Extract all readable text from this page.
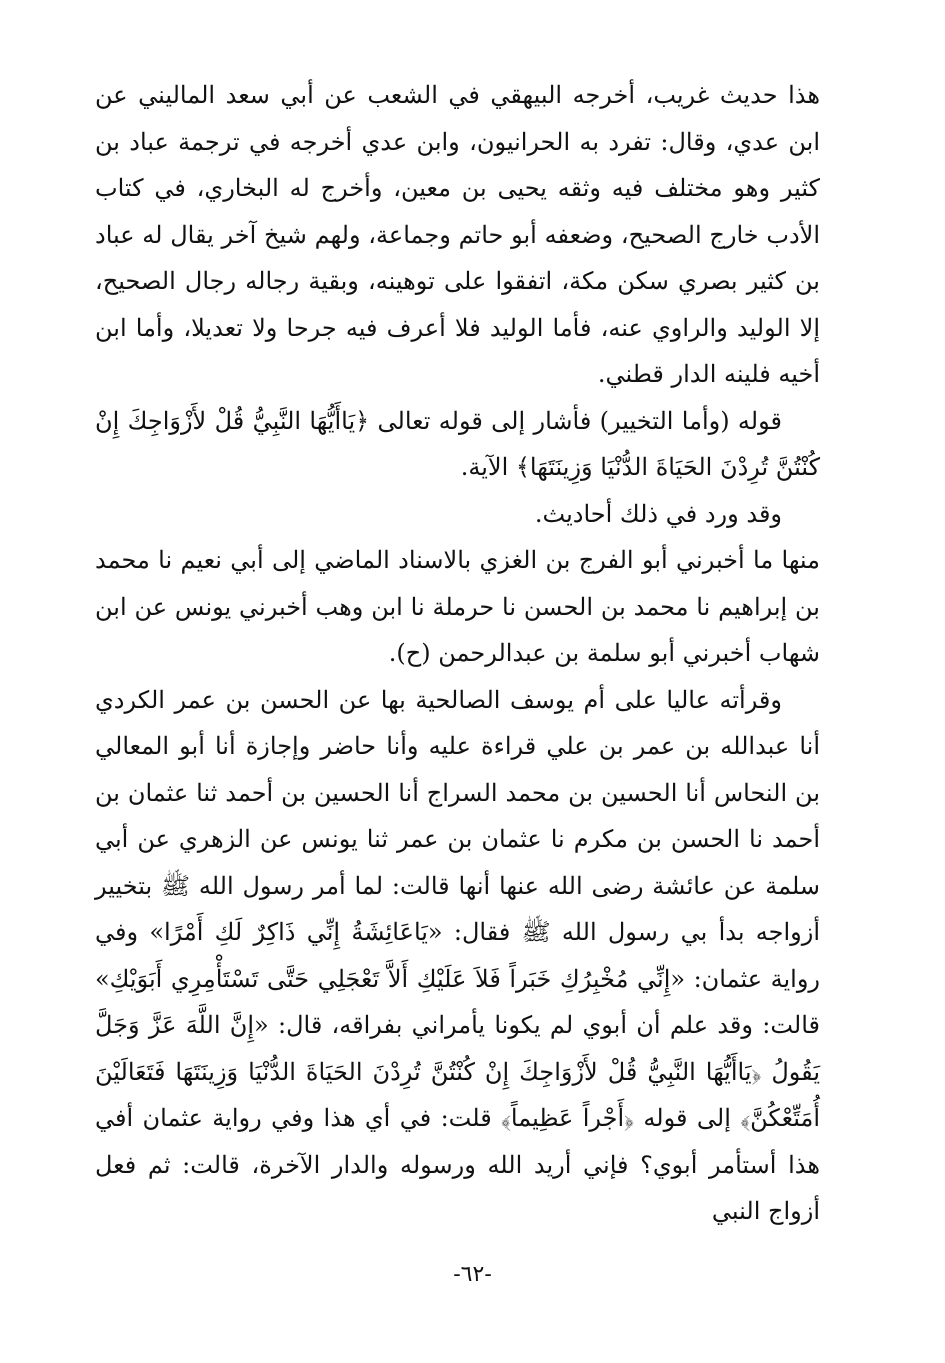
هذا حديث غريب، أخرجه البيهقي في الشعب عن أبي سعد الماليني عن ابن عدي، وقال: تفرد به الحرانيون، وابن عدي أخرجه في ترجمة عباد بن كثير وهو مختلف فيه وثقه يحيى بن معين، وأخرج له البخاري، في كتاب الأدب خارج الصحيح، وضعفه أبو حاتم وجماعة، ولهم شيخ آخر يقال له عباد بن كثير بصري سكن مكة، اتفقوا على توهينه، وبقية رجاله رجال الصحيح، إلا الوليد والراوي عنه، فأما الوليد فلا أعرف فيه جرحا ولا تعديلا، وأما ابن أخيه فلينه الدار قطني.

قوله (وأما التخيير) فأشار إلى قوله تعالى ﴿يَاأَيُّهَا النَّبِيُّ قُلْ لأَزْوَاجِكَ إِنْ كُنْتُنَّ تُرِدْنَ الحَيَاةَ الدُّنْيَا وَزِينَتَهَا﴾ الآية.

وقد ورد في ذلك أحاديث.

منها ما أخبرني أبو الفرج بن الغزي بالاسناد الماضي إلى أبي نعيم نا محمد بن إبراهيم نا محمد بن الحسن نا حرملة نا ابن وهب أخبرني يونس عن ابن شهاب أخبرني أبو سلمة بن عبدالرحمن (ح).

وقرأته عاليا على أم يوسف الصالحية بها عن الحسن بن عمر الكردي أنا عبدالله بن عمر بن علي قراءة عليه وأنا حاضر وإجازة أنا أبو المعالي بن النحاس أنا الحسين بن محمد السراج أنا الحسين بن أحمد ثنا عثمان بن أحمد نا الحسن بن مكرم نا عثمان بن عمر ثنا يونس عن الزهري عن أبي سلمة عن عائشة رضى الله عنها أنها قالت: لما أمر رسول الله ﷺ بتخيير أزواجه بدأ بي رسول الله ﷺ فقال: «يَاعَائِشَةُ إِنِّي ذَاكِرٌ لَكِ أَمْرًا» وفي رواية عثمان: «إِنِّي مُخْبِرُكِ خَبَراً فَلاَ عَلَيْكِ أَلاَّ تَعْجَلِي حَتَّى تَسْتَأْمِرِي أَبَوَيْكِ» قالت: وقد علم أن أبوي لم يكونا يأمراني بفراقه، قال: «إِنَّ اللَّهَ عَزَّ وَجَلَّ يَقُولُ ﴿يَاأَيُّهَا النَّبِيُّ قُلْ لأَزْوَاجِكَ إِنْ كُنْتُنَّ تُرِدْنَ الحَيَاةَ الدُّنْيَا وَزِينَتَهَا فَتَعَالَيْنَ أُمَتِّعْكُنَّ﴾ إلى قوله ﴿أَجْراً عَظِيماً﴾ قلت: في أي هذا وفي رواية عثمان أفي هذا أستأمر أبوي؟ فإني أريد الله ورسوله والدار الآخرة، قالت: ثم فعل أزواج النبي

-٦٢-
